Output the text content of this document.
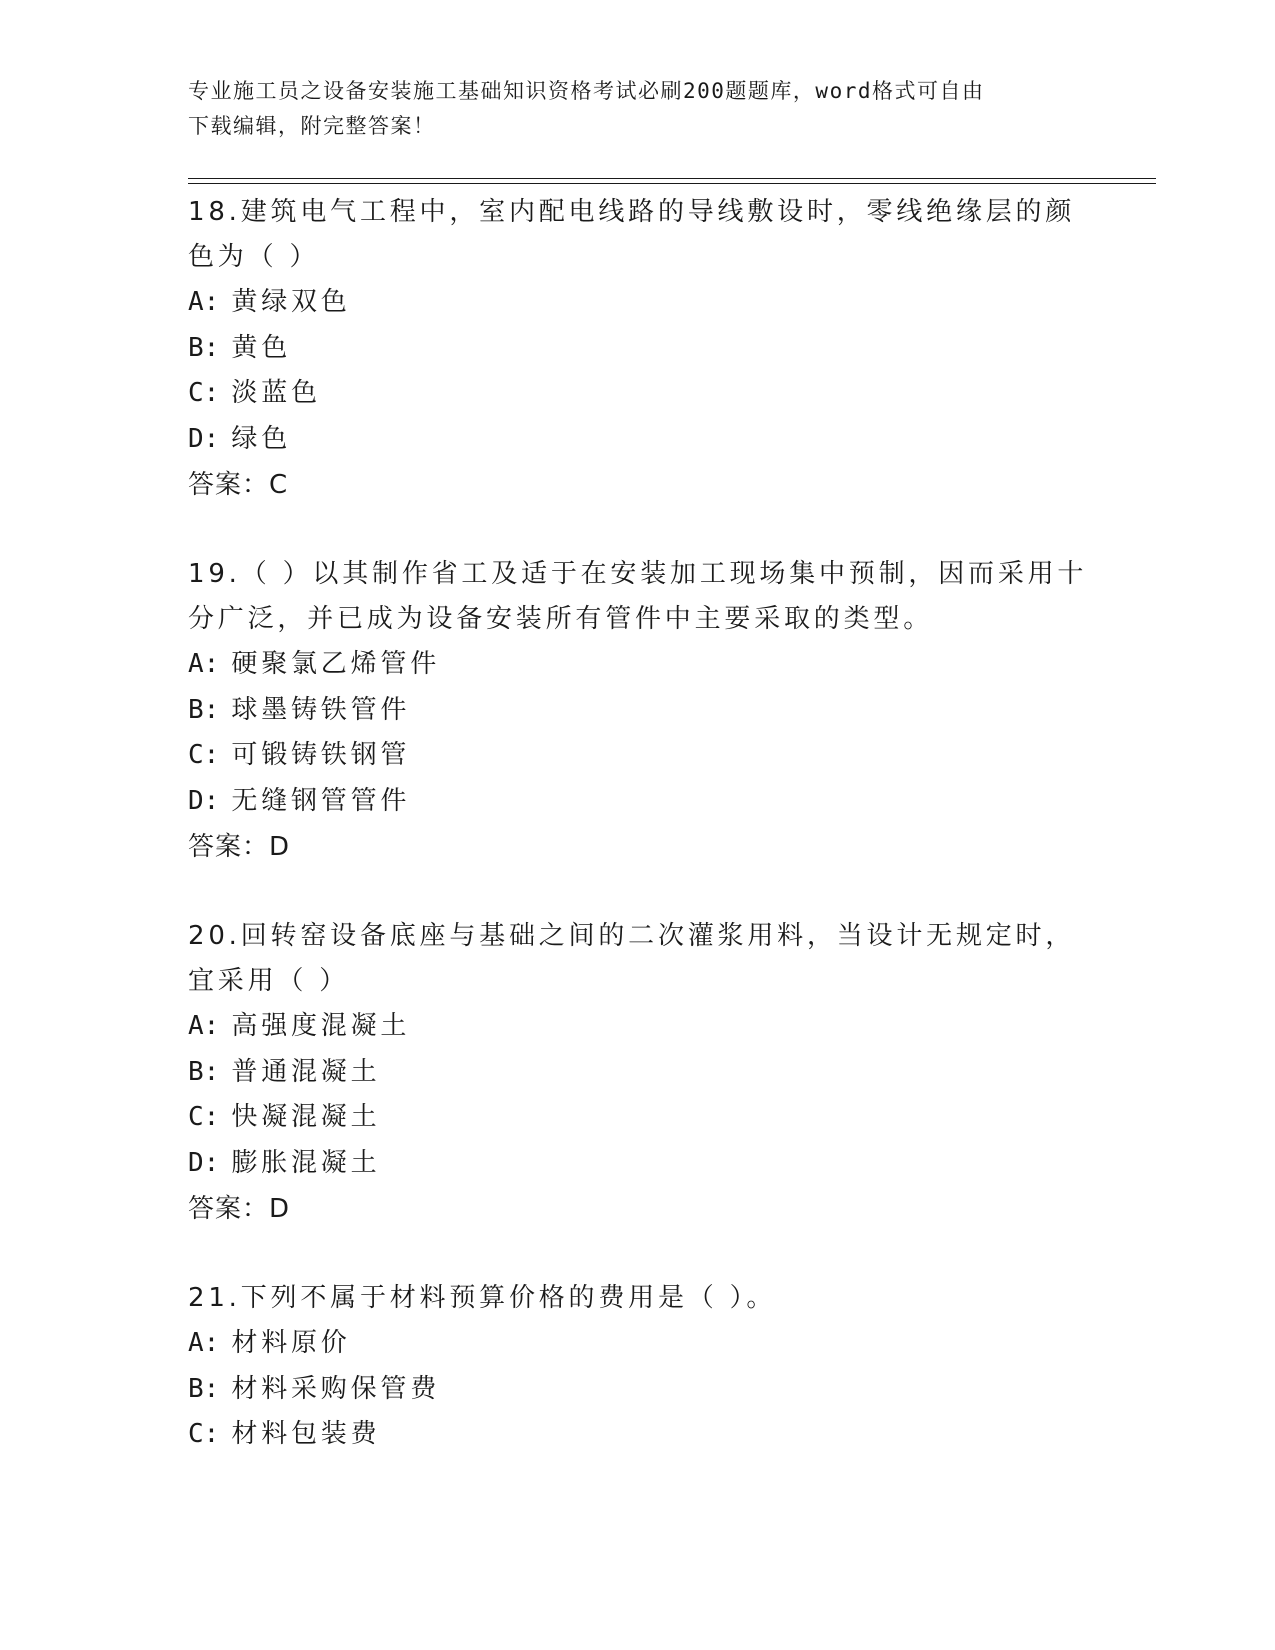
专业施工员之设备安装施工基础知识资格考试必刷200题题库，word格式可自由
下载编辑，附完整答案！

18.建筑电气工程中，室内配电线路的导线敷设时，零线绝缘层的颜色为（ ）

A: 黄绿双色

B: 黄色

C: 淡蓝色

D: 绿色

答案：C

19.（ ）以其制作省工及适于在安装加工现场集中预制，因而采用十分广泛，并已成为设备安装所有管件中主要采取的类型。

A: 硬聚氯乙烯管件

B: 球墨铸铁管件

C: 可锻铸铁钢管

D: 无缝钢管管件

答案：D

20.回转窑设备底座与基础之间的二次灌浆用料，当设计无规定时，宜采用（ ）

A: 高强度混凝土

B: 普通混凝土

C: 快凝混凝土

D: 膨胀混凝土

答案：D

21.下列不属于材料预算价格的费用是（ ）。

A: 材料原价

B: 材料采购保管费

C: 材料包装费
